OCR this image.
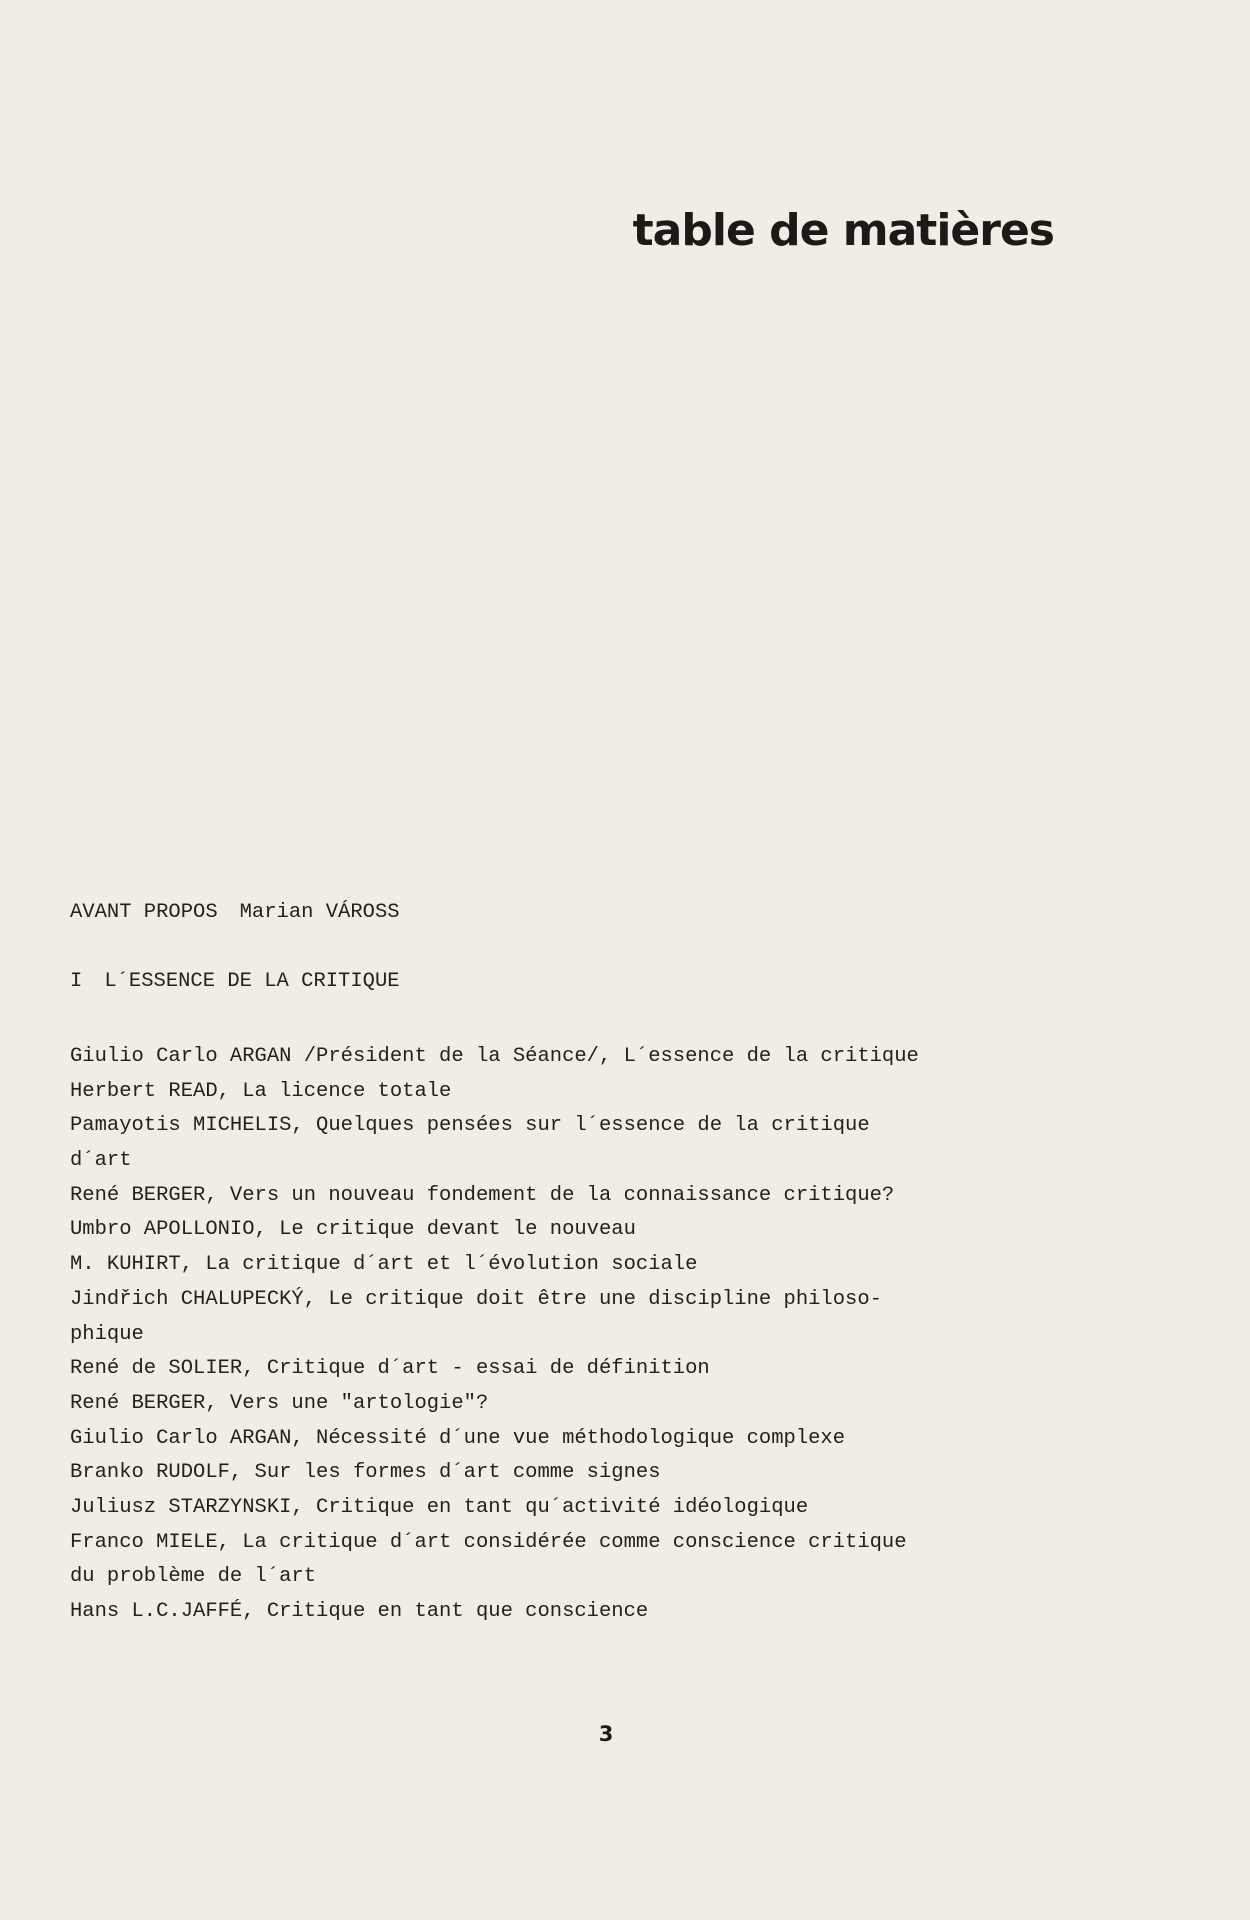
table de matières
AVANT PROPOS Marian VÁROSS
I L´ESSENCE DE LA CRITIQUE
Giulio Carlo ARGAN /Président de la Séance/, L´essence de la critique
Herbert READ, La licence totale
Pamayotis MICHELIS, Quelques pensées sur l´essence de la critique
d´art
René BERGER, Vers un nouveau fondement de la connaissance critique?
Umbro APOLLONIO, Le critique devant le nouveau
M. KUHIRT, La critique d´art et l´évolution sociale
Jindřich CHALUPECKÝ, Le critique doit être une discipline philoso-
phique
René de SOLIER, Critique d´art - essai de définition
René BERGER, Vers une "artologie"?
Giulio Carlo ARGAN, Nécessité d´une vue méthodologique complexe
Branko RUDOLF, Sur les formes d´art comme signes
Juliusz STARZYNSKI, Critique en tant qu´activité idéologique
Franco MIELE, La critique d´art considérée comme conscience critique
du problème de l´art
Hans L.C.JAFFÉ, Critique en tant que conscience
3
